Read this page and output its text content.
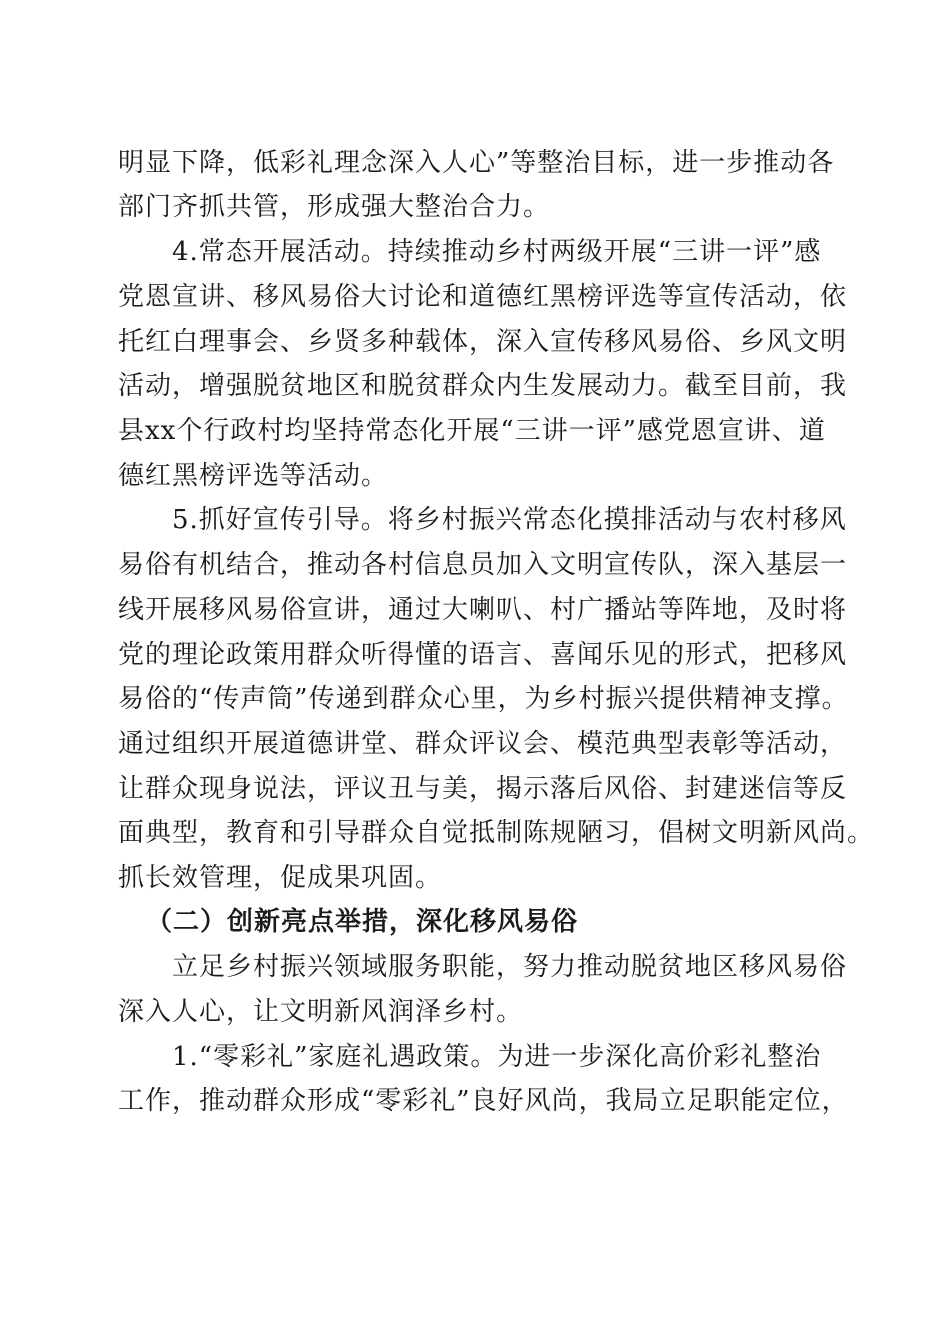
明显下降，低彩礼理念深入人心”等整治目标，进一步推动各
部门齐抓共管，形成强大整治合力。
4.常态开展活动。持续推动乡村两级开展“三讲一评”感
党恩宣讲、移风易俗大讨论和道德红黑榜评选等宣传活动，依
托红白理事会、乡贤多种载体，深入宣传移风易俗、乡风文明
活动，增强脱贫地区和脱贫群众内生发展动力。截至目前，我
县xx个行政村均坚持常态化开展“三讲一评”感党恩宣讲、道
德红黑榜评选等活动。
5.抓好宣传引导。将乡村振兴常态化摸排活动与农村移风
易俗有机结合，推动各村信息员加入文明宣传队，深入基层一
线开展移风易俗宣讲，通过大喇叭、村广播站等阵地，及时将
党的理论政策用群众听得懂的语言、喜闻乐见的形式，把移风
易俗的“传声筒”传递到群众心里，为乡村振兴提供精神支撑。
通过组织开展道德讲堂、群众评议会、模范典型表彰等活动，
让群众现身说法，评议丑与美，揭示落后风俗、封建迷信等反
面典型，教育和引导群众自觉抵制陈规陋习，倡树文明新风尚。
抓长效管理，促成果巩固。
（二）创新亮点举措，深化移风易俗
立足乡村振兴领域服务职能，努力推动脱贫地区移风易俗
深入人心，让文明新风润泽乡村。
1.“零彩礼”家庭礼遇政策。为进一步深化高价彩礼整治
工作，推动群众形成“零彩礼”良好风尚，我局立足职能定位，
